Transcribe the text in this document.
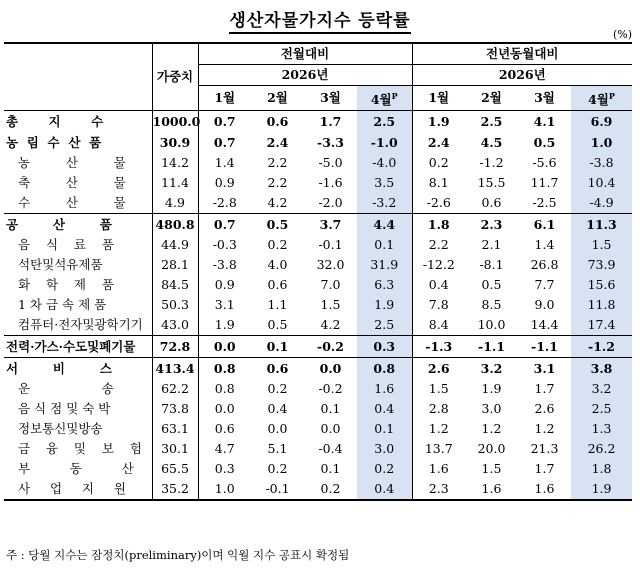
생산자물가지수 등락률
(%)
	가중치	전월대비				전년동월대비			
		2026년				2026년			
		1월	2월	3월	4월$^P$	1월	2월	3월	4월$^P$
총       지       수	1000.0	0.7	0.6	1.7	2.5	1.9	2.5	4.1	6.9
농  림  수  산  품	30.9	0.7	2.4	-3.3	-1.0	2.4	4.5	0.5	1.0
농         산         물	14.2	1.4	2.2	-5.0	-4.0	0.2	-1.2	-5.6	-3.8
축         산         물	11.4	0.9	2.2	-1.6	3.5	8.1	15.5	11.7	10.4
수         산         물	4.9	-2.8	4.2	-2.0	-3.2	-2.6	0.6	-2.5	-4.9
공        산        품	480.8	0.7	0.5	3.7	4.4	1.8	2.3	6.1	11.3
음    식    료    품	44.9	-0.3	0.2	-0.1	0.1	2.2	2.1	1.4	1.5
석탄및석유제품	28.1	-3.8	4.0	32.0	31.9	-12.2	-8.1	26.8	73.9
화    학    제    품	84.5	0.9	0.6	7.0	6.3	0.4	0.5	7.7	15.6
1 차 금 속 제 품	50.3	3.1	1.1	1.5	1.9	7.8	8.5	9.0	11.8
컴퓨터·전자및광학기기	43.0	1.9	0.5	4.2	2.5	8.4	10.0	14.4	17.4
전력·가스·수도및폐기물	72.8	0.0	0.1	-0.2	0.3	-1.3	-1.1	-1.1	-1.2
서        비        스	413.4	0.8	0.6	0.0	0.8	2.6	3.2	3.1	3.8
운                  송	62.2	0.8	0.2	-0.2	1.6	1.5	1.9	1.7	3.2
음 식 점 및 숙 박	73.8	0.0	0.4	0.1	0.4	2.8	3.0	2.6	2.5
정보통신및방송	63.1	0.6	0.0	0.0	0.1	1.2	1.2	1.2	1.3
금    융    및    보    험	30.1	4.7	5.1	-0.4	3.0	13.7	20.0	21.3	26.2
부          동          산	65.5	0.3	0.2	0.1	0.2	1.6	1.5	1.7	1.8
사     업     지     원	35.2	1.0	-0.1	0.2	0.4	2.3	1.6	1.6	1.9
주 : 당월 지수는 잠정치(preliminary)이며 익월 지수 공표시 확정됨
